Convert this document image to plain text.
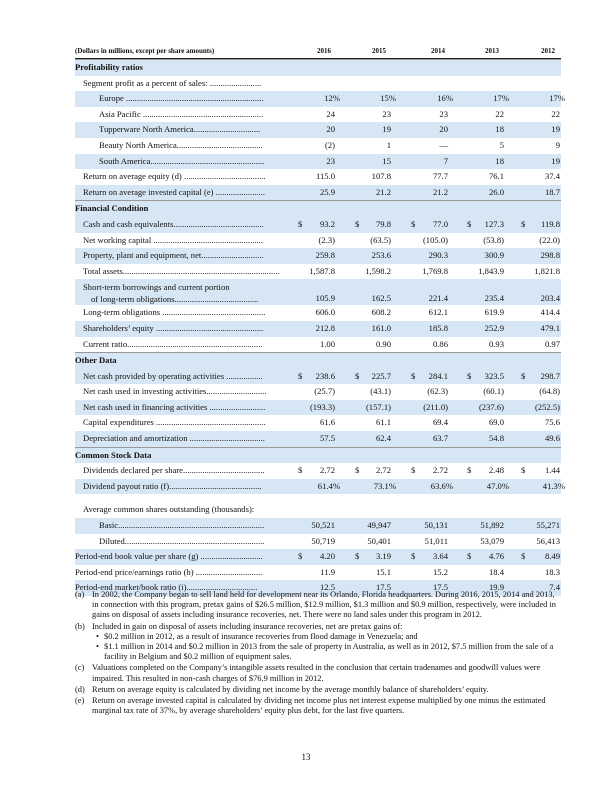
(Dollars in millions, except per share amounts)	2016	2015	2014	2013	2012
Profitability ratios
Segment profit as a percent of sales: ........................
Europe ................................................................	12%	15%	16%	17%	17%
Asia Pacific ........................................................	24	23	23	22	22
Tupperware North America...............................	20	19	20	18	19
Beauty North America........................................	(2)	1	—	5	9
South America.....................................................	23	15	7	18	19
Return on average equity (d) ......................................	115.0	107.8	77.7	76.1	37.4
Return on average invested capital (e) .......................	25.9	21.2	21.2	26.0	18.7
Financial Condition
Cash and cash equivalents..........................................	$	93.2 $	79.8 $	77.0 $	127.3 $	119.8
Net working capital ...................................................	(2.3)	(63.5)	(105.0)	(53.8)	(22.0)
Property, plant and equipment, net.............................	259.8	253.6	290.3	300.9	298.8
Total assets.........................................................................	1,587.8	1,598.2	1,769.8	1,843.9	1,821.8
Short-term borrowings and current portion
of long-term obligations.......................................	105.9	162.5	221.4	235.4	203.4
Long-term obligations ................................................	606.0	608.2	612.1	619.9	414.4
Shareholders’ equity ..................................................	212.8	161.0	185.8	252.9	479.1
Current ratio...............................................................	1.00	0.90	0.86	0.93	0.97
Other Data
Net cash provided by operating activities .................	$	238.6 $	225.7 $	284.1 $	323.5 $	298.7
Net cash used in investing activities............................	(25.7)	(43.1)	(62.3)	(60.1)	(64.8)
Net cash used in financing activities ..........................	(193.3)	(157.1)	(211.0)	(237.6)	(252.5)
Capital expenditures ...................................................	61.6	61.1	69.4	69.0	75.6
Depreciation and amortization ...................................	57.5	62.4	63.7	54.8	49.6
Common Stock Data
Dividends declared per share......................................	$	2.72 $	2.72 $	2.72 $	2.48 $	1.44
Dividend payout ratio (f)...........................................	61.4%	73.1%	63.6%	47.0%	41.3%
Average common shares outstanding (thousands):
Basic....................................................................	50,521	49,947	50,131	51,892	55,271
Diluted.................................................................	50,719	50,401	51,011	53,079	56,413
Period-end book value per share (g) .............................	$	4.20 $	3.19 $	3.64 $	4.76 $	8.49
Period-end price/earnings ratio (h) ...............................	11.9	15.1	15.2	18.4	18.3
Period-end market/book ratio (i).................................	12.5	17.5	17.5	19.9	7.4
(a) In 2002, the Company began to sell land held for development near its Orlando, Florida headquarters. During 2016, 2015, 2014 and 2013, in connection with this program, pretax gains of $26.5 million, $12.9 million, $1.3 million and $0.9 million, respectively, were included in gains on disposal of assets including insurance recoveries, net. There were no land sales under this program in 2012.
(b) Included in gain on disposal of assets including insurance recoveries, net are pretax gains of:
• $0.2 million in 2012, as a result of insurance recoveries from flood damage in Venezuela; and
• $1.1 million in 2014 and $0.2 million in 2013 from the sale of property in Australia, as well as in 2012, $7.5 million from the sale of a facility in Belgium and $0.2 million of equipment sales.
(c) Valuations completed on the Company’s intangible assets resulted in the conclusion that certain tradenames and goodwill values were impaired. This resulted in non-cash charges of $76.9 million in 2012.
(d) Return on average equity is calculated by dividing net income by the average monthly balance of shareholders’ equity.
(e) Return on average invested capital is calculated by dividing net income plus net interest expense multiplied by one minus the estimated marginal tax rate of 37%, by average shareholders’ equity plus debt, for the last five quarters.
13
